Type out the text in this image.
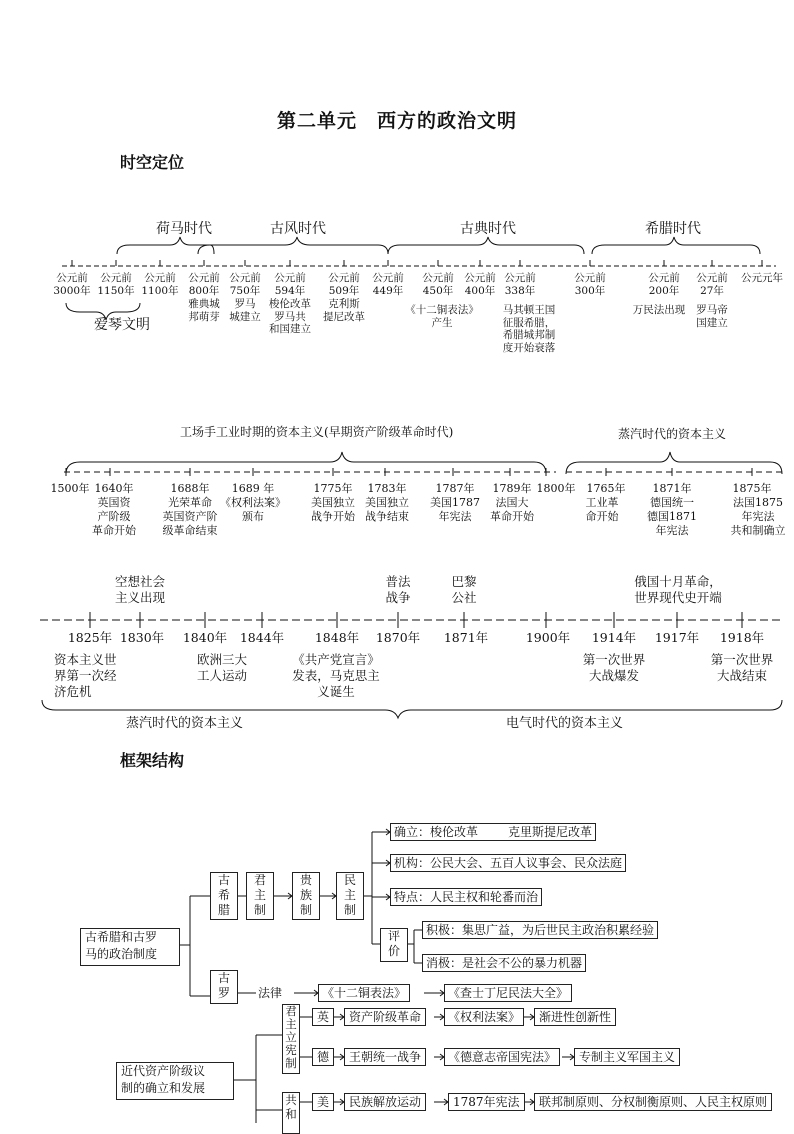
第二单元　西方的政治文明
时空定位
框架结构
荷马时代	古风时代	古典时代	希腊时代
爱琴文明
公元前
3000年
公元前
1150年
公元前
1100年
公元前
800年
公元前
750年
公元前
594年
公元前
509年
公元前
449年
公元前
450年
公元前
400年
公元前
338年
公元前
300年
公元前
200年
公元前
27年
公元元年
雅典城
邦萌芽
罗马
城建立
梭伦改革
罗马共
和国建立
克利斯
提尼改革
《十二铜表法》
产生
马其顿王国
征服希腊，
希腊城邦制
度开始衰落
万民法出现	罗马帝
国建立
工场手工业时期的资本主义(早期资产阶级革命时代)	蒸汽时代的资本主义
1500年 1640年	1688年	1689 年	1775年	1783年	1787年	1789年 1800年	1765年	1871年	1875年
英国资
产阶级
革命开始
光荣革命
英国资产阶
级革命结束
《权利法案》
颁布
美国独立
战争开始
美国独立
战争结束
美国1787
年宪法
法国大
革命开始
工业革
命开始
德国统一
德国1871
年宪法
法国1875
年宪法
共和制确立
空想社会
主义出现
普法
战争
巴黎
公社
俄国十月革命，
世界现代史开端
1825年 1830年	1840年	1844年	1848年	1870年	1871年	1900年	1914年	1917年	1918年
资本主义世
界第一次经
济危机
欧洲三大
工人运动
《共产党宣言》
发表，马克思主
义诞生
第一次世界
大战爆发
第一次世界
大战结束
蒸汽时代的资本主义	电气时代的资本主义
古希腊和古罗
马的政治制度
古
希
腊
君
主
制
贵
族
制
民
主
制
确立：梭伦改革	克里斯提尼改革
机构：公民大会、五百人议事会、民众法庭
特点：人民主权和轮番而治
评
价
积极：集思广益，为后世民主政治积累经验
消极：是社会不公的暴力机器
古
罗	法律	《十二铜表法》	《查士丁尼民法大全》
近代资产阶级议
制的确立和发展
君
主
立
宪
制
英	资产阶级革命	《权利法案》	渐进性创新性
德	王朝统一战争	《德意志帝国宪法》	专制主义军国主义
共
和
美	民族解放运动	1787年宪法	联邦制原则、分权制衡原则、人民主权原则
